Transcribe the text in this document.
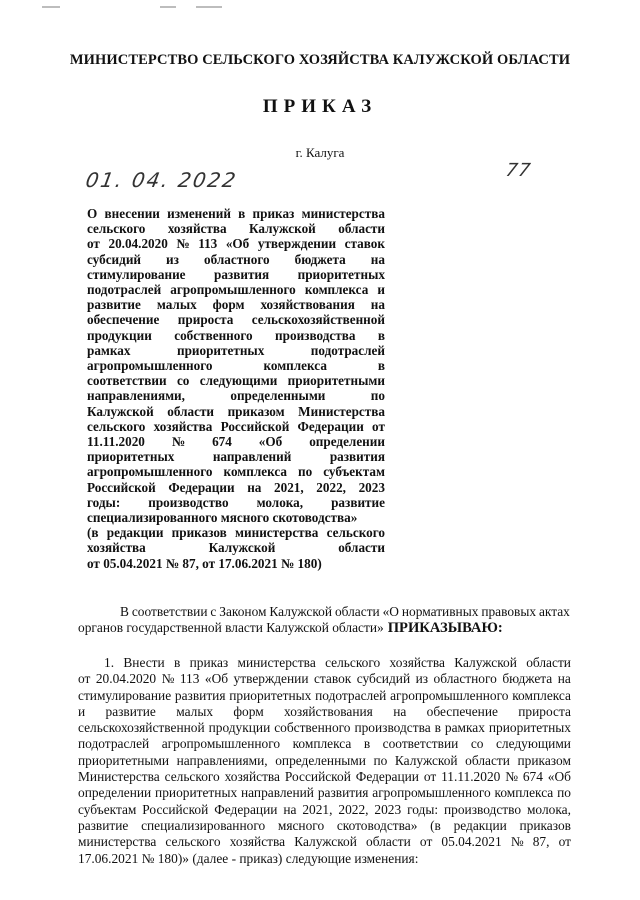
МИНИСТЕРСТВО СЕЛЬСКОГО ХОЗЯЙСТВА КАЛУЖСКОЙ ОБЛАСТИ
ПРИКАЗ
г. Калуга
01. 04. 2022	77
О внесении изменений в приказ министерства
сельского хозяйства Калужской области
от 20.04.2020 № 113 «Об утверждении ставок
субсидий из областного бюджета на
стимулирование развития приоритетных
подотраслей агропромышленного комплекса и
развитие малых форм хозяйствования на
обеспечение прироста сельскохозяйственной
продукции собственного производства в
рамках	приоритетных	подотраслей
агропромышленного	комплекса	в
соответствии со следующими приоритетными
направлениями,	определенными	по
Калужской области приказом Министерства
сельского хозяйства Российской Федерации от
11.11.2020 № 674 «Об определении
приоритетных	направлений	развития
агропромышленного комплекса по субъектам
Российской Федерации на 2021, 2022, 2023
годы: производство молока, развитие
специализированного мясного скотоводства»
(в редакции приказов министерства сельского
хозяйства	Калужской	области
от 05.04.2021 № 87, от 17.06.2021 № 180)
В соответствии с Законом Калужской области «О нормативных правовых актах
органов государственной власти Калужской области» ПРИКАЗЫВАЮ:
1. Внести в приказ министерства сельского хозяйства Калужской области
от 20.04.2020 № 113 «Об утверждении ставок субсидий из областного бюджета на
стимулирование развития приоритетных подотраслей агропромышленного комплекса
и развитие малых форм хозяйствования на обеспечение прироста
сельскохозяйственной продукции собственного производства в рамках приоритетных
подотраслей агропромышленного комплекса в соответствии со следующими
приоритетными направлениями, определенными по Калужской области приказом
Министерства сельского хозяйства Российской Федерации от 11.11.2020 № 674 «Об
определении приоритетных направлений развития агропромышленного комплекса по
субъектам Российской Федерации на 2021, 2022, 2023 годы: производство молока,
развитие специализированного мясного скотоводства» (в редакции приказов
министерства сельского хозяйства Калужской области от 05.04.2021 № 87, от
17.06.2021 № 180)» (далее - приказ) следующие изменения:
